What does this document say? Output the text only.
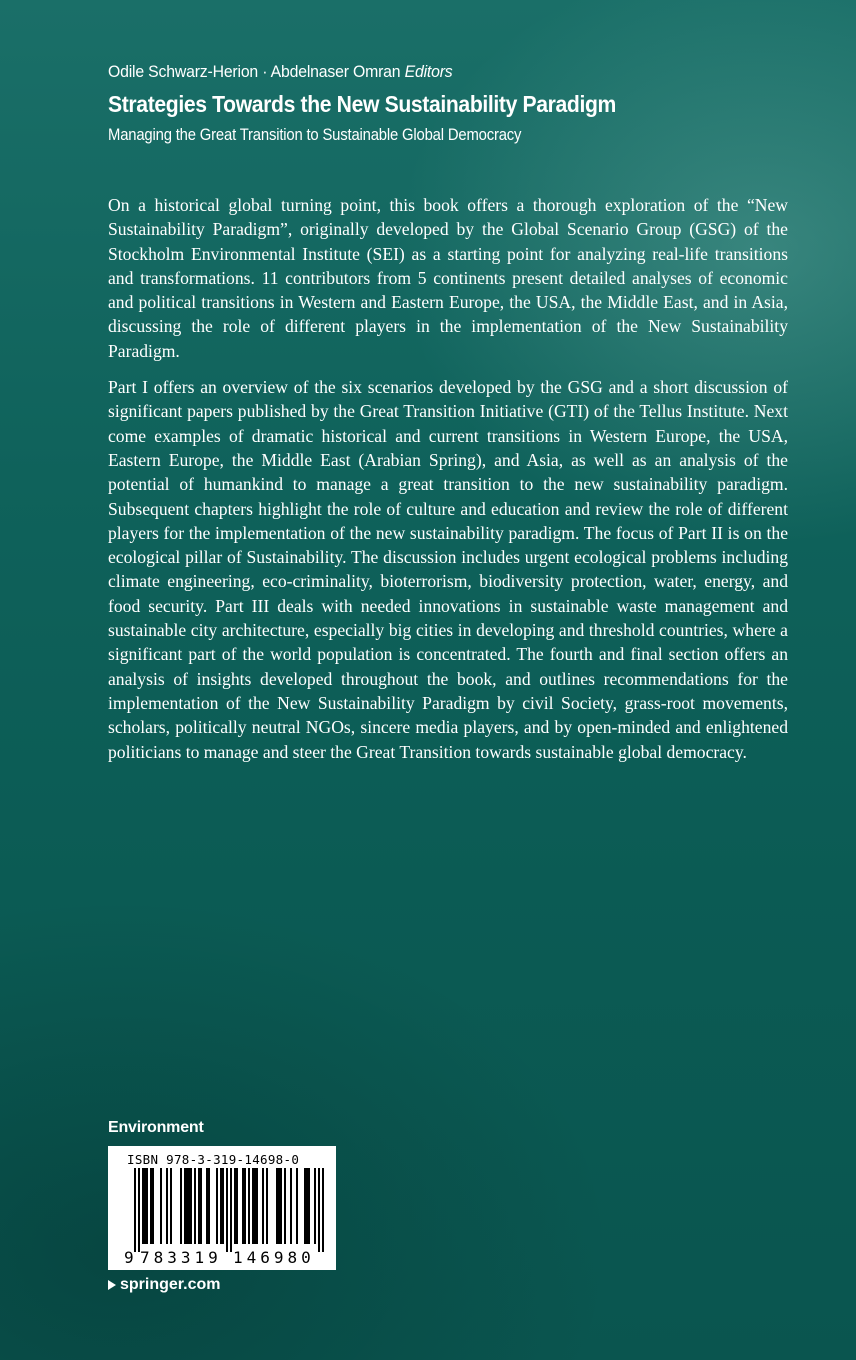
Odile Schwarz-Herion · Abdelnaser Omran Editors
Strategies Towards the New Sustainability Paradigm
Managing the Great Transition to Sustainable Global Democracy

On a historical global turning point, this book offers a thorough exploration of the “New Sustainability Paradigm”, originally developed by the Global Scenario Group (GSG) of the Stockholm Environmental Institute (SEI) as a starting point for analyzing real-life transitions and transformations. 11 contributors from 5 continents present detailed analyses of economic and political transitions in Western and Eastern Europe, the USA, the Middle East, and in Asia, discussing the role of different players in the implementation of the New Sustainability Paradigm.

Part I offers an overview of the six scenarios developed by the GSG and a short discussion of significant papers published by the Great Transition Initiative (GTI) of the Tellus Institute. Next come examples of dramatic historical and current transitions in Western Europe, the USA, Eastern Europe, the Middle East (Arabian Spring), and Asia, as well as an analysis of the potential of humankind to manage a great transition to the new sustainability paradigm. Subsequent chapters highlight the role of culture and education and review the role of different players for the implementation of the new sustainability paradigm. The focus of Part II is on the ecological pillar of Sustainability. The discussion includes urgent ecological problems including climate engineering, eco-criminality, bioterrorism, biodiversity protection, water, energy, and food security. Part III deals with needed innovations in sustainable waste management and sustainable city architecture, especially big cities in developing and threshold countries, where a significant part of the world population is concentrated. The fourth and final section offers an analysis of insights developed throughout the book, and outlines recommendations for the implementation of the New Sustainability Paradigm by civil Society, grass-root movements, scholars, politically neutral NGOs, sincere media players, and by open-minded and enlightened politicians to manage and steer the Great Transition towards sustainable global democracy.

Environment
ISBN 978-3-319-14698-0
9 783319 146980
springer.com
